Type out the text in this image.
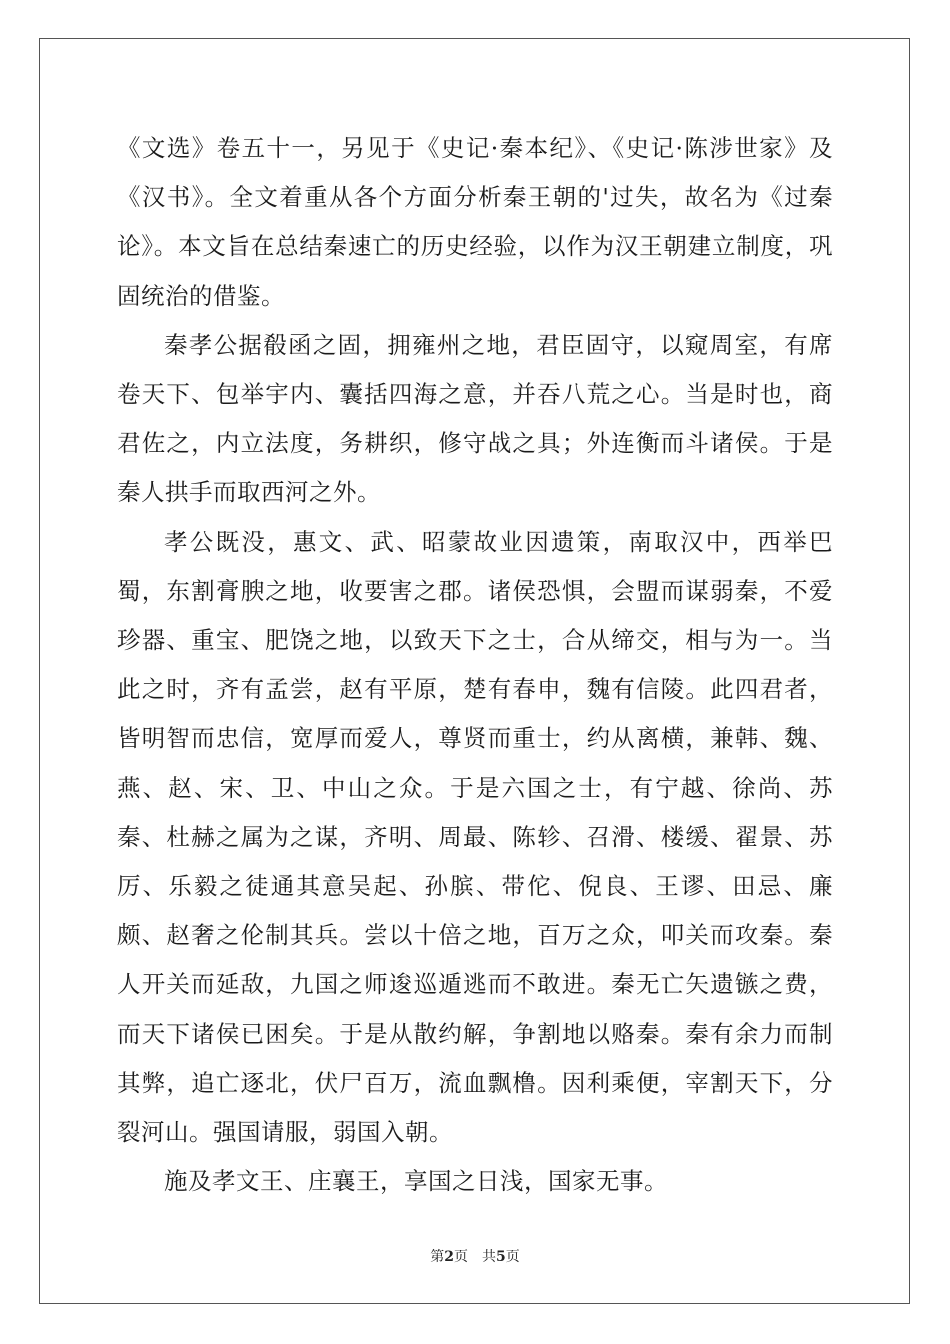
《文选》卷五十一，另见于《史记·秦本纪》、《史记·陈涉世家》及《汉书》。全文着重从各个方面分析秦王朝的'过失，故名为《过秦论》。本文旨在总结秦速亡的历史经验，以作为汉王朝建立制度，巩固统治的借鉴。

秦孝公据殽函之固，拥雍州之地，君臣固守，以窥周室，有席卷天下、包举宇内、囊括四海之意，并吞八荒之心。当是时也，商君佐之，内立法度，务耕织，修守战之具；外连衡而斗诸侯。于是秦人拱手而取西河之外。

孝公既没，惠文、武、昭蒙故业因遗策，南取汉中，西举巴蜀，东割膏腴之地，收要害之郡。诸侯恐惧，会盟而谋弱秦，不爱珍器、重宝、肥饶之地，以致天下之士，合从缔交，相与为一。当此之时，齐有孟尝，赵有平原，楚有春申，魏有信陵。此四君者，皆明智而忠信，宽厚而爱人，尊贤而重士，约从离横，兼韩、魏、燕、赵、宋、卫、中山之众。于是六国之士，有宁越、徐尚、苏秦、杜赫之属为之谋，齐明、周最、陈轸、召滑、楼缓、翟景、苏厉、乐毅之徒通其意吴起、孙膑、带佗、倪良、王谬、田忌、廉颇、赵奢之伦制其兵。尝以十倍之地，百万之众，叩关而攻秦。秦人开关而延敌，九国之师逡巡遁逃而不敢进。秦无亡矢遗镞之费，而天下诸侯已困矣。于是从散约解，争割地以赂秦。秦有余力而制其弊，追亡逐北，伏尸百万，流血飘橹。因利乘便，宰割天下，分裂河山。强国请服，弱国入朝。

施及孝文王、庄襄王，享国之日浅，国家无事。

第2页　共5页
